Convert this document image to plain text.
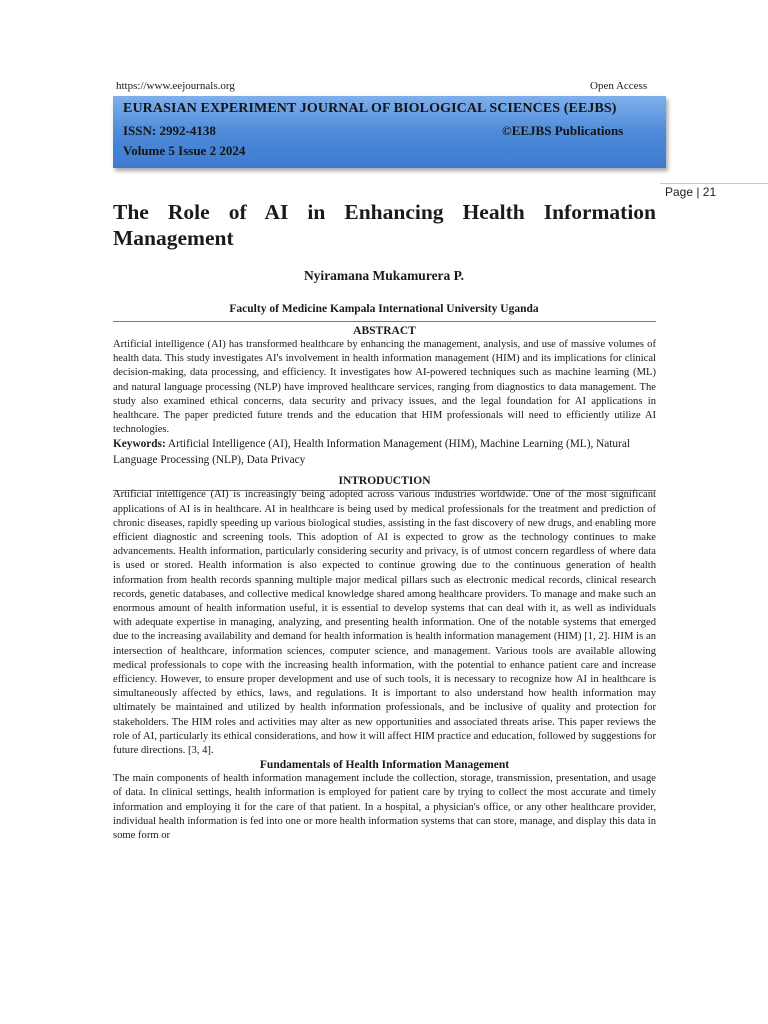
https://www.eejournals.org	Open Access
EURASIAN EXPERIMENT JOURNAL OF BIOLOGICAL SCIENCES (EEJBS)
ISSN: 2992-4138	©EEJBS Publications
Volume 5 Issue 2 2024
Page | 21
The Role of AI in Enhancing Health Information Management
Nyiramana Mukamurera P.
Faculty of Medicine Kampala International University Uganda
ABSTRACT

Artificial intelligence (AI) has transformed healthcare by enhancing the management, analysis, and use of massive volumes of health data. This study investigates AI's involvement in health information management (HIM) and its implications for clinical decision-making, data processing, and efficiency. It investigates how AI-powered techniques such as machine learning (ML) and natural language processing (NLP) have improved healthcare services, ranging from diagnostics to data management. The study also examined ethical concerns, data security and privacy issues, and the legal foundation for AI applications in healthcare. The paper predicted future trends and the education that HIM professionals will need to efficiently utilize AI technologies.

Keywords: Artificial Intelligence (AI), Health Information Management (HIM), Machine Learning (ML), Natural Language Processing (NLP), Data Privacy

INTRODUCTION

Artificial intelligence (AI) is increasingly being adopted across various industries worldwide. One of the most significant applications of AI is in healthcare. AI in healthcare is being used by medical professionals for the treatment and prediction of chronic diseases, rapidly speeding up various biological studies, assisting in the fast discovery of new drugs, and enabling more efficient diagnostic and screening tools. This adoption of AI is expected to grow as the technology continues to make advancements. Health information, particularly considering security and privacy, is of utmost concern regardless of where data is used or stored. Health information is also expected to continue growing due to the continuous generation of health information from health records spanning multiple major medical pillars such as electronic medical records, clinical research records, genetic databases, and collective medical knowledge shared among healthcare providers. To manage and make such an enormous amount of health information useful, it is essential to develop systems that can deal with it, as well as individuals with adequate expertise in managing, analyzing, and presenting health information. One of the notable systems that emerged due to the increasing availability and demand for health information is health information management (HIM) [1, 2]. HIM is an intersection of healthcare, information sciences, computer science, and management. Various tools are available allowing medical professionals to cope with the increasing health information, with the potential to enhance patient care and increase efficiency. However, to ensure proper development and use of such tools, it is necessary to recognize how AI in healthcare is simultaneously affected by ethics, laws, and regulations. It is important to also understand how health information may ultimately be maintained and utilized by health information professionals, and be inclusive of quality and protection for stakeholders. The HIM roles and activities may alter as new opportunities and associated threats arise. This paper reviews the role of AI, particularly its ethical considerations, and how it will affect HIM practice and education, followed by suggestions for future directions. [3, 4].

Fundamentals of Health Information Management

The main components of health information management include the collection, storage, transmission, presentation, and usage of data. In clinical settings, health information is employed for patient care by trying to collect the most accurate and timely information and employing it for the care of that patient. In a hospital, a physician's office, or any other healthcare provider, individual health information is fed into one or more health information systems that can store, manage, and display this data in some form or
